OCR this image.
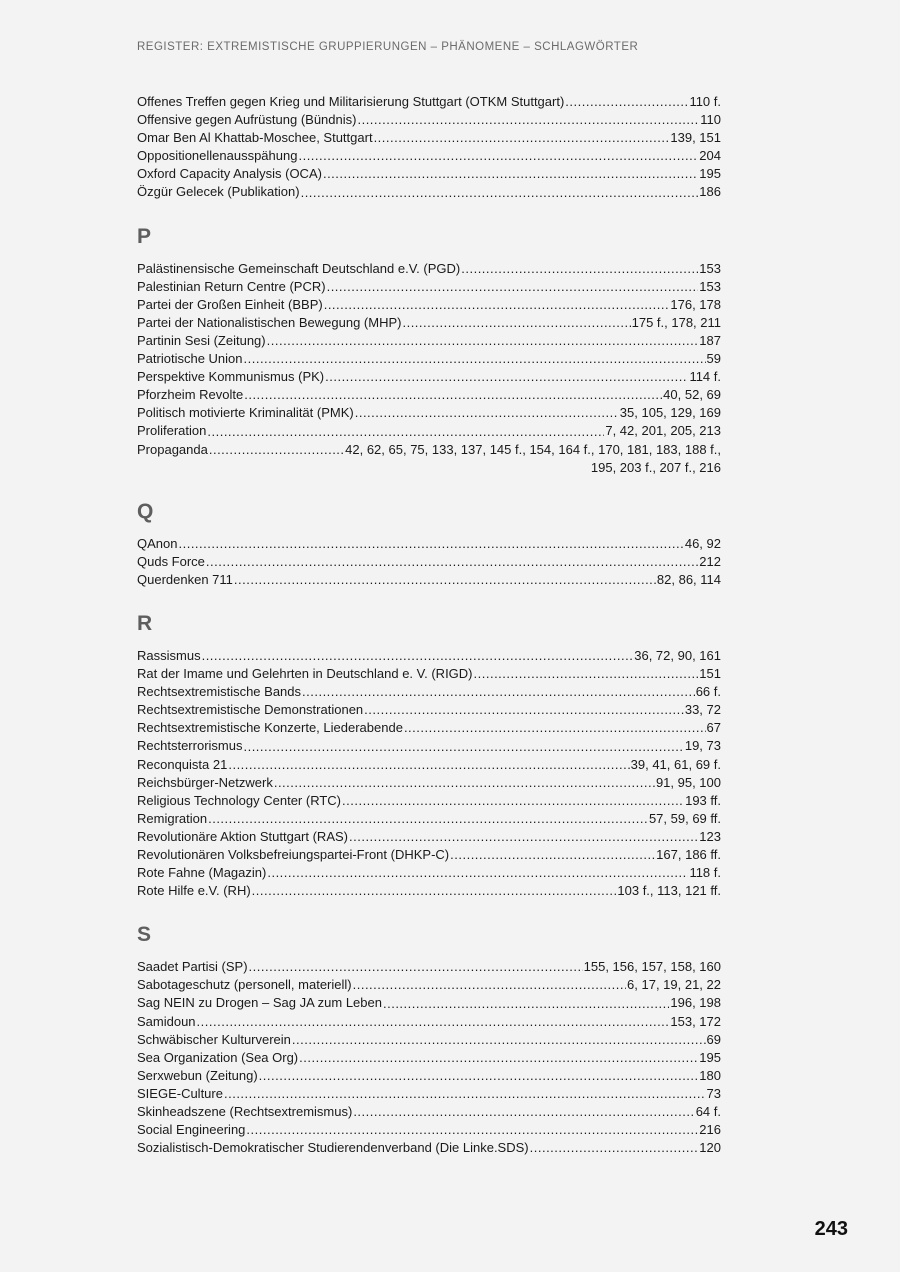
REGISTER: EXTREMISTISCHE GRUPPIERUNGEN – PHÄNOMENE – SCHLAGWÖRTER
Offenes Treffen gegen Krieg und Militarisierung Stuttgart (OTKM Stuttgart) .....	110 f.
Offensive gegen Aufrüstung (Bündnis) .....	110
Omar Ben Al Khattab-Moschee, Stuttgart .....	139, 151
Oppositionellenausspähung .....	204
Oxford Capacity Analysis (OCA) .....	195
Özgür Gelecek (Publikation) .....	186
P
Palästinensische Gemeinschaft Deutschland e.V. (PGD) .....	153
Palestinian Return Centre (PCR) .....	153
Partei der Großen Einheit (BBP) .....	176, 178
Partei der Nationalistischen Bewegung (MHP) .....	175 f., 178, 211
Partinin Sesi (Zeitung) .....	187
Patriotische Union .....	59
Perspektive Kommunismus (PK) .....	114 f.
Pforzheim Revolte .....	40, 52, 69
Politisch motivierte Kriminalität (PMK) .....	35, 105, 129, 169
Proliferation .....	7, 42, 201, 205, 213
Propaganda .....	42, 62, 65, 75, 133, 137, 145 f., 154, 164 f., 170, 181, 183, 188 f.,
195, 203 f., 207 f., 216
Q
QAnon .....	46, 92
Quds Force .....	212
Querdenken 711 .....	82, 86, 114
R
Rassismus .....	36, 72, 90, 161
Rat der Imame und Gelehrten in Deutschland e. V. (RIGD) .....	151
Rechtsextremistische Bands .....	66 f.
Rechtsextremistische Demonstrationen .....	33, 72
Rechtsextremistische Konzerte, Liederabende .....	67
Rechtsterrorismus .....	19, 73
Reconquista 21 .....	39, 41, 61, 69 f.
Reichsbürger-Netzwerk .....	91, 95, 100
Religious Technology Center (RTC) .....	193 ff.
Remigration .....	57, 59, 69 ff.
Revolutionäre Aktion Stuttgart (RAS) .....	123
Revolutionären Volksbefreiungspartei-Front (DHKP-C) .....	167, 186 ff.
Rote Fahne (Magazin) .....	118 f.
Rote Hilfe e.V. (RH) .....	103 f., 113, 121 ff.
S
Saadet Partisi (SP) .....	155, 156, 157, 158, 160
Sabotageschutz (personell, materiell) .....	6, 17, 19, 21, 22
Sag NEIN zu Drogen – Sag JA zum Leben .....	196, 198
Samidoun .....	153, 172
Schwäbischer Kulturverein .....	69
Sea Organization (Sea Org) .....	195
Serxwebun (Zeitung) .....	180
SIEGE-Culture .....	73
Skinheadszene (Rechtsextremismus) .....	64 f.
Social Engineering .....	216
Sozialistisch-Demokratischer Studierendenverband (Die Linke.SDS) .....	120
243
